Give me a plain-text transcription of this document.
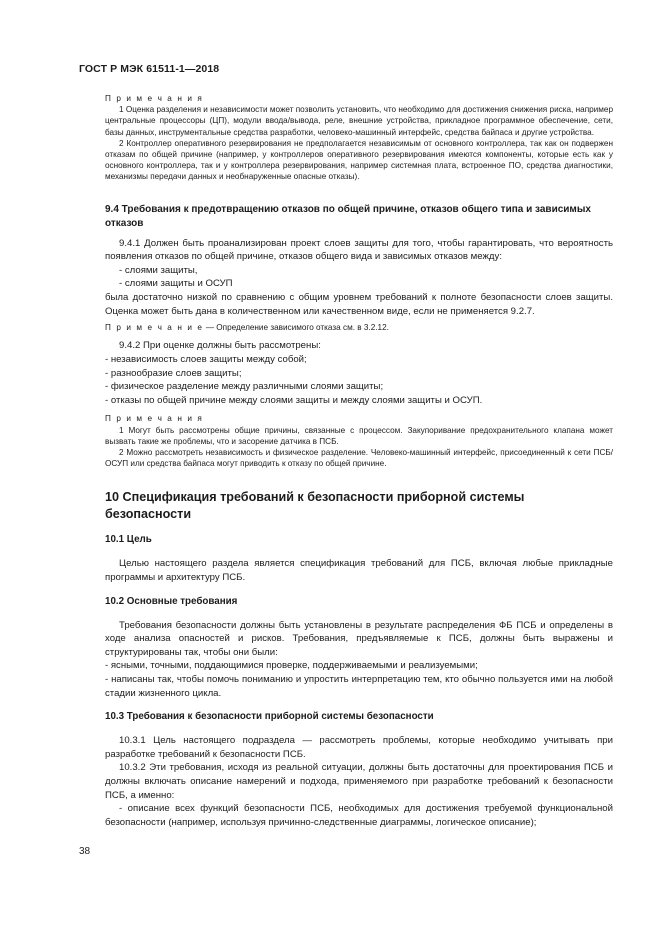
ГОСТ Р МЭК 61511-1—2018

П р и м е ч а н и я

1 Оценка разделения и независимости может позволить установить, что необходимо для достижения снижения риска, например центральные процессоры (ЦП), модули ввода/вывода, реле, внешние устройства, прикладное программное обеспечение, сети, базы данных, инструментальные средства разработки, человеко-машинный интерфейс, средства байпаса и другие устройства.

2 Контроллер оперативного резервирования не предполагается независимым от основного контроллера, так как он подвержен отказам по общей причине (например, у контроллеров оперативного резервирования имеются компоненты, которые есть как у основного контроллера, так и у контроллера резервирования, например системная плата, встроенное ПО, средства диагностики, механизмы передачи данных и необнаруженные опасные отказы).

9.4 Требования к предотвращению отказов по общей причине, отказов общего типа и зависимых отказов

9.4.1 Должен быть проанализирован проект слоев защиты для того, чтобы гарантировать, что вероятность появления отказов по общей причине, отказов общего вида и зависимых отказов между:

- слоями защиты,

- слоями защиты и ОСУП

была достаточно низкой по сравнению с общим уровнем требований к полноте безопасности слоев защиты. Оценка может быть дана в количественном или качественном виде, если не применяется 9.2.7.

П р и м е ч а н и е — Определение зависимого отказа см. в 3.2.12.

9.4.2 При оценке должны быть рассмотрены:

- независимость слоев защиты между собой;

- разнообразие слоев защиты;

- физическое разделение между различными слоями защиты;

- отказы по общей причине между слоями защиты и между слоями защиты и ОСУП.

П р и м е ч а н и я

1 Могут быть рассмотрены общие причины, связанные с процессом. Закупоривание предохранительного клапана может вызвать такие же проблемы, что и засорение датчика в ПСБ.

2 Можно рассмотреть независимость и физическое разделение. Человеко-машинный интерфейс, присоединенный к сети ПСБ/ОСУП или средства байпаса могут приводить к отказу по общей причине.

10 Спецификация требований к безопасности приборной системы безопасности

10.1 Цель

Целью настоящего раздела является спецификация требований для ПСБ, включая любые прикладные программы и архитектуру ПСБ.

10.2 Основные требования

Требования безопасности должны быть установлены в результате распределения ФБ ПСБ и определены в ходе анализа опасностей и рисков. Требования, предъявляемые к ПСБ, должны быть выражены и структурированы так, чтобы они были:

- ясными, точными, поддающимися проверке, поддерживаемыми и реализуемыми;

- написаны так, чтобы помочь пониманию и упростить интерпретацию тем, кто обычно пользуется ими на любой стадии жизненного цикла.

10.3 Требования к безопасности приборной системы безопасности

10.3.1 Цель настоящего подраздела — рассмотреть проблемы, которые необходимо учитывать при разработке требований к безопасности ПСБ.

10.3.2 Эти требования, исходя из реальной ситуации, должны быть достаточны для проектирования ПСБ и должны включать описание намерений и подхода, применяемого при разработке требований к безопасности ПСБ, а именно:

- описание всех функций безопасности ПСБ, необходимых для достижения требуемой функциональной безопасности (например, используя причинно-следственные диаграммы, логическое описание);

38
